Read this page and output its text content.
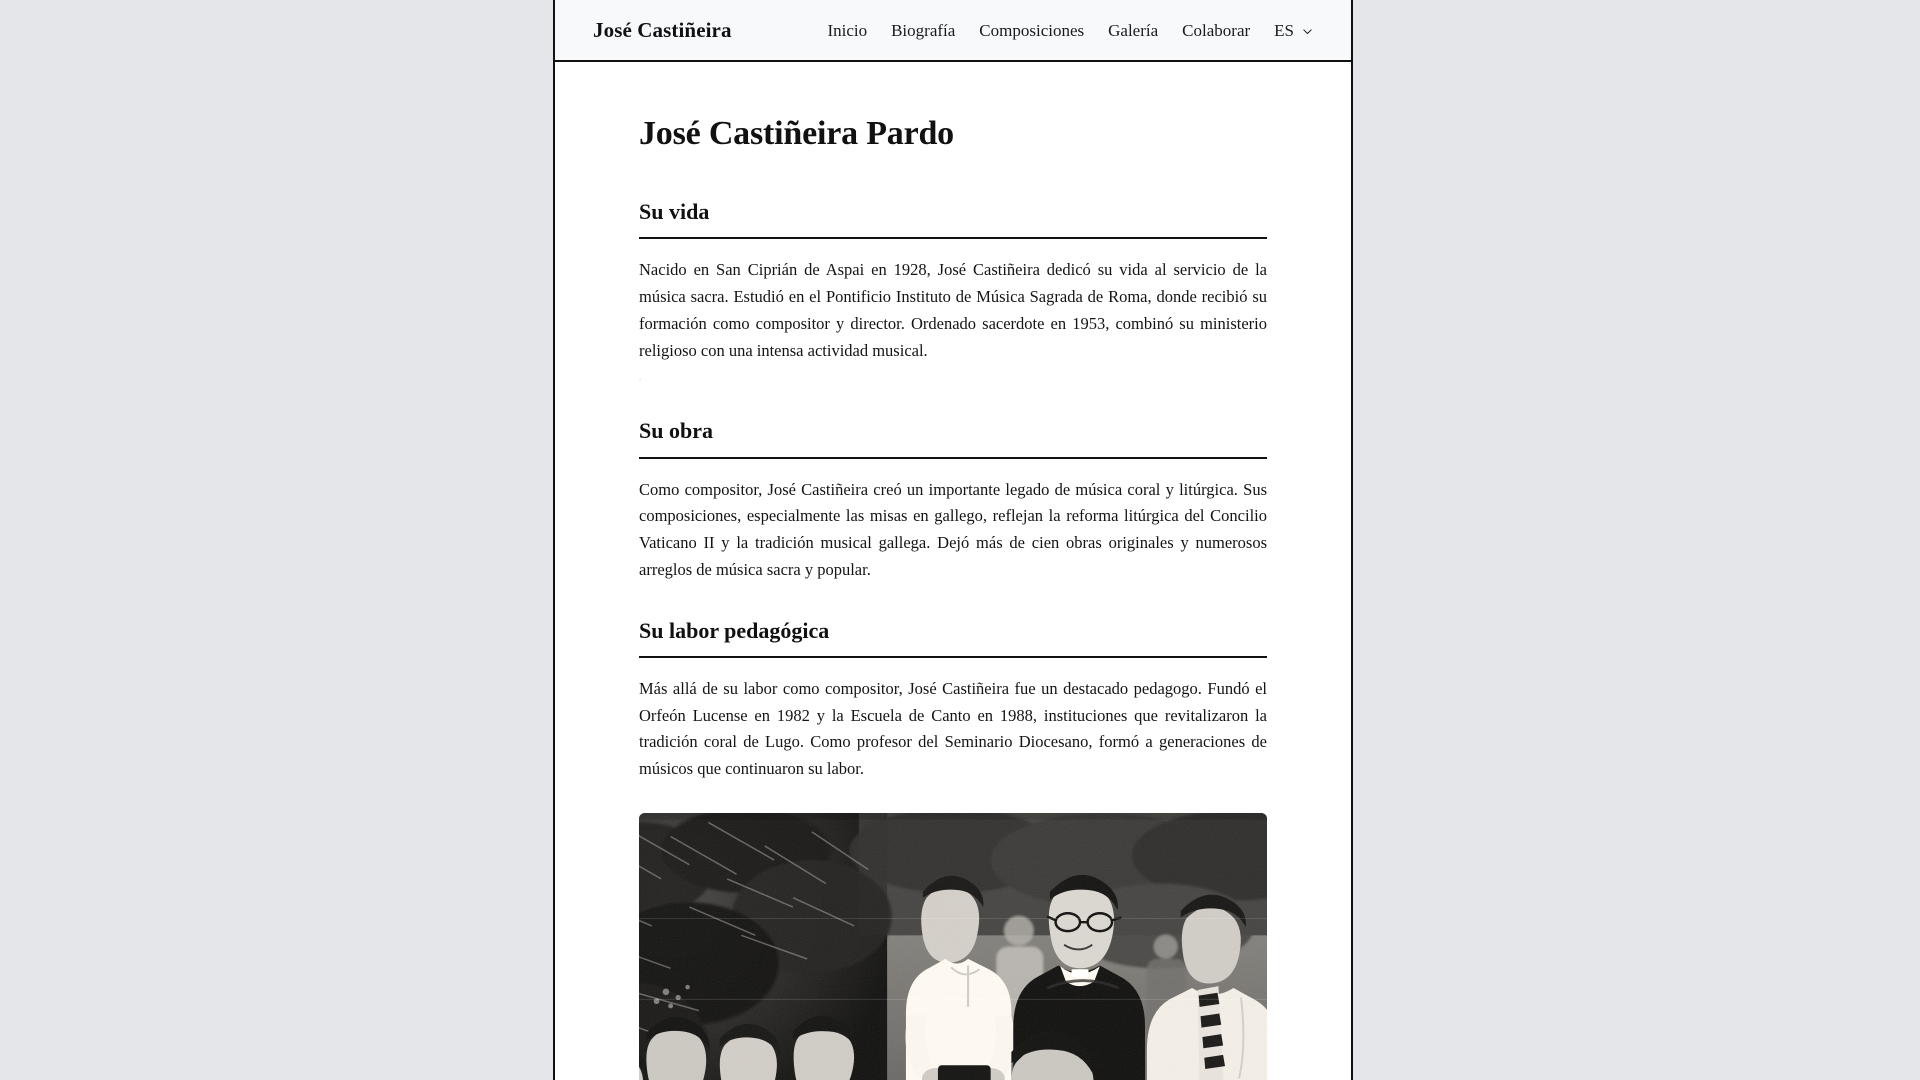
José Castiñeira	Inicio Biografía Composiciones Galería Colaborar ES
José Castiñeira Pardo
Su vida

Nacido en San Ciprián de Aspai en 1928, José Castiñeira dedicó su vida al servicio de la música sacra. Estudió en el Pontificio Instituto de Música Sagrada de Roma, donde recibió su formación como compositor y director. Ordenado sacerdote en 1953, combinó su ministerio religioso con una intensa actividad musical.

.
Su obra

Como compositor, José Castiñeira creó un importante legado de música coral y litúrgica. Sus composiciones, especialmente las misas en gallego, reflejan la reforma litúrgica del Concilio Vaticano II y la tradición musical gallega. Dejó más de cien obras originales y numerosos arreglos de música sacra y popular.

Su labor pedagógica

Más allá de su labor como compositor, José Castiñeira fue un destacado pedagogo. Fundó el Orfeón Lucense en 1982 y la Escuela de Canto en 1988, instituciones que revitalizaron la tradición coral de Lugo. Como profesor del Seminario Diocesano, formó a generaciones de músicos que continuaron su labor.
